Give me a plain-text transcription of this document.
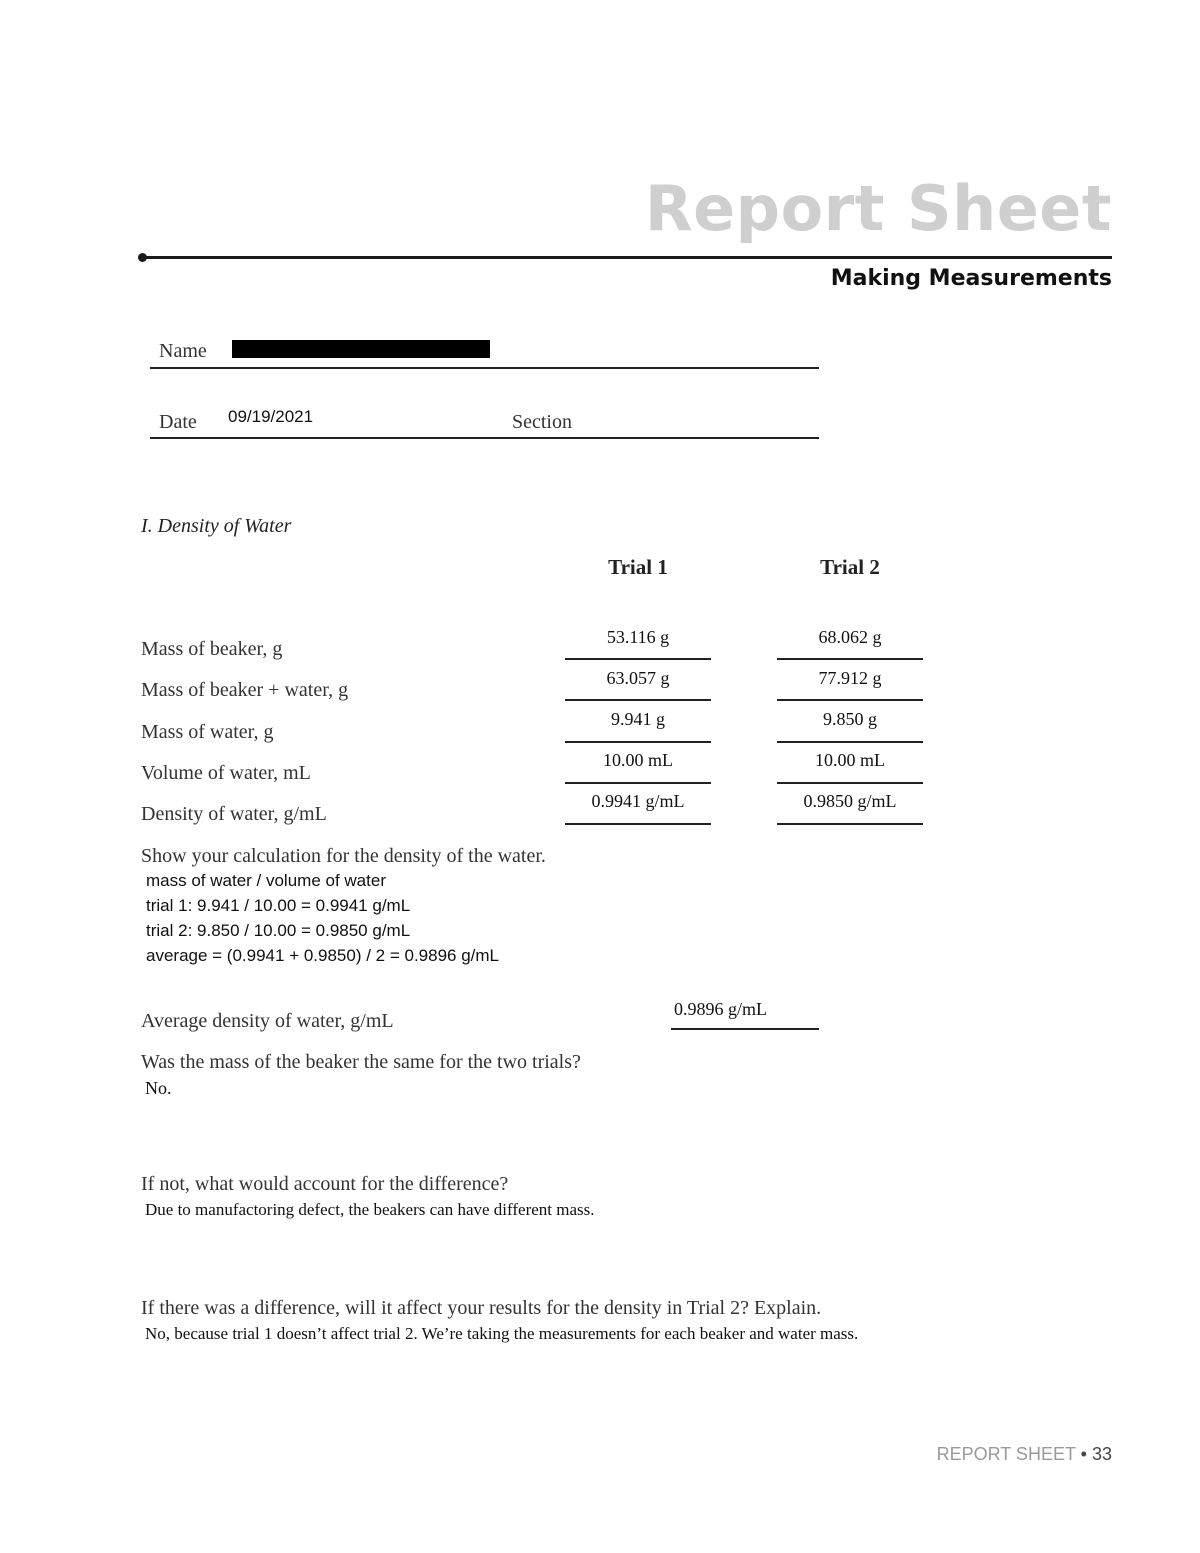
Report Sheet
Making Measurements
Name
Date 09/19/2021	Section
I. Density of Water
Trial 1	Trial 2
Mass of beaker, g
53.116 g	68.062 g
Mass of beaker + water, g
63.057 g	77.912 g
Mass of water, g
9.941 g	9.850 g
Volume of water, mL
10.00 mL	10.00 mL
Density of water, g/mL
0.9941 g/mL	0.9850 g/mL
Show your calculation for the density of the water.
mass of water / volume of water
trial 1: 9.941 / 10.00 = 0.9941 g/mL
trial 2: 9.850 / 10.00 = 0.9850 g/mL
average = (0.9941 + 0.9850) / 2 = 0.9896 g/mL
Average density of water, g/mL
0.9896 g/mL
Was the mass of the beaker the same for the two trials?
No.
If not, what would account for the difference?
Due to manufactoring defect, the beakers can have different mass.
If there was a difference, will it affect your results for the density in Trial 2? Explain.
No, because trial 1 doesn’t affect trial 2. We’re taking the measurements for each beaker and water mass.
REPORT SHEET • 33
